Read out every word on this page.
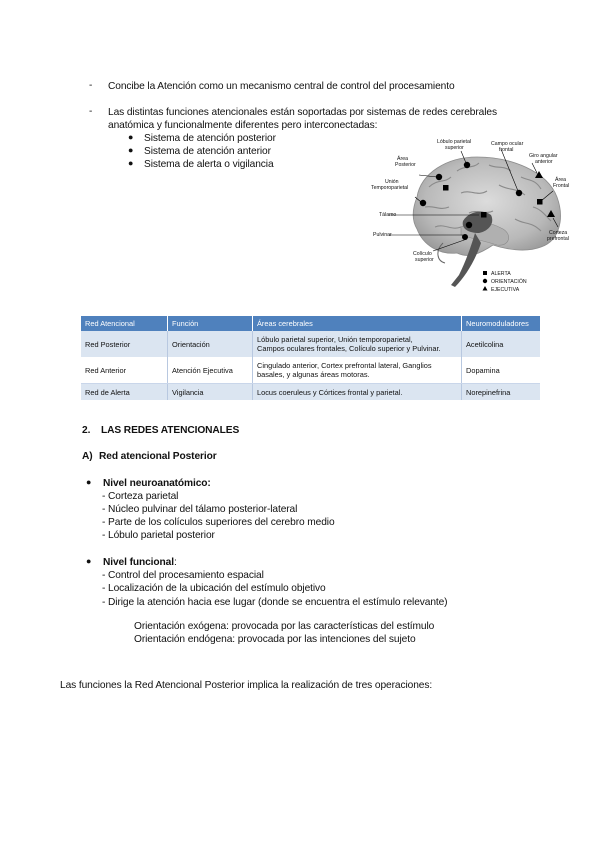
- Concibe la Atención como un mecanismo central de control del procesamiento
- Las distintas funciones atencionales están soportadas por sistemas de redes cerebrales
anatómica y funcionalmente diferentes pero interconectadas:
● Sistema de atención posterior
● Sistema de atención anterior
● Sistema de alerta o vigilancia	Área
Posterior
Lóbulo parietal
superior
Campo ocular
frontal
Giro angular
anterior
Unión
Temporoparietal
Área
Frontal
Tálamo
Corteza
prefrontal
Pulvinar
Colículo
superior
ALERTA
ORIENTACIÓN
EJECUTIVA
Red Atencional	Función	Áreas cerebrales	Neuromoduladores
Red Posterior	Orientación	Lóbulo parietal superior, Unión temporoparietal,
Campos oculares frontales, Colículo superior y Pulvinar.	Acetilcolina
Red Anterior	Atención Ejecutiva	Cingulado anterior, Cortex prefrontal lateral, Ganglios
basales, y algunas áreas motoras.	Dopamina
Red de Alerta	Vigilancia	Locus coeruleus y Córtices frontal y parietal.	Norepinefrina
2. LAS REDES ATENCIONALES
A) Red atencional Posterior
● Nivel neuroanatómico:
- Corteza parietal
- Núcleo pulvinar del tálamo posterior-lateral
- Parte de los colículos superiores del cerebro medio
- Lóbulo parietal posterior
● Nivel funcional:
- Control del procesamiento espacial
- Localización de la ubicación del estímulo objetivo
- Dirige la atención hacia ese lugar (donde se encuentra el estímulo relevante)
Orientación exógena: provocada por las características del estímulo
Orientación endógena: provocada por las intenciones del sujeto
Las funciones la Red Atencional Posterior implica la realización de tres operaciones:
